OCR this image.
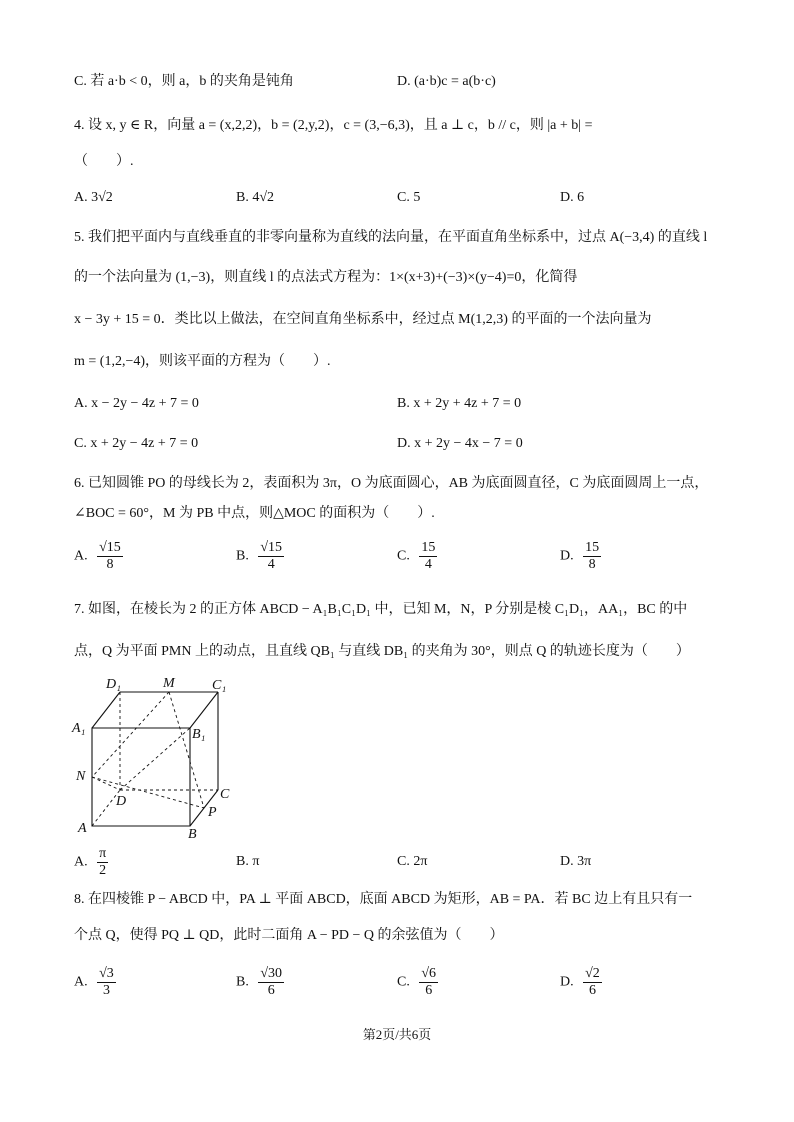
C. 若 a·b < 0，则 a，b 的夹角是钝角	D. (a·b)c = a(b·c)
4. 设 x, y ∈ R，向量 a = (x,2,2)，b = (2,y,2)，c = (3,−6,3)，且 a ⊥ c，b // c，则 |a + b| =
（　　）.
A. 3√2	B. 4√2	C. 5	D. 6
5. 我们把平面内与直线垂直的非零向量称为直线的法向量，在平面直角坐标系中，过点 A(−3,4) 的直线 l
的一个法向量为 (1,−3)，则直线 l 的点法式方程为：1×(x+3)+(−3)×(y−4)=0，化简得
x − 3y + 15 = 0．类比以上做法，在空间直角坐标系中，经过点 M(1,2,3) 的平面的一个法向量为
m = (1,2,−4)，则该平面的方程为（　　）.
A. x − 2y − 4z + 7 = 0	B. x + 2y + 4z + 7 = 0
C. x + 2y − 4z + 7 = 0	D. x + 2y − 4x − 7 = 0
6. 已知圆锥 PO 的母线长为 2，表面积为 3π，O 为底面圆心，AB 为底面圆直径，C 为底面圆周上一点，
∠BOC = 60°，M 为 PB 中点，则△MOC 的面积为（　　）.
A. $\frac{√15}{8}$	B. $\frac{√15}{4}$	C. $\frac{15}{4}$	D. $\frac{15}{8}$
7. 如图，在棱长为 2 的正方体 ABCD − A₁B₁C₁D₁ 中，已知 M，N，P 分别是棱 C₁D₁，AA₁，BC 的中
点，Q 为平面 PMN 上的动点，且直线 QB₁ 与直线 DB₁ 的夹角为 30°，则点 Q 的轨迹长度为（　　）
D₁	M	C₁
A₁	B₁
N
D	C
P
A	B
A. $\frac{\pi}{2}$	B. π	C. 2π	D. 3π
8. 在四棱锥 P − ABCD 中，PA ⊥ 平面 ABCD，底面 ABCD 为矩形，AB = PA．若 BC 边上有且只有一
个点 Q，使得 PQ ⊥ QD，此时二面角 A − PD − Q 的余弦值为（　　）
A. $\frac{√3}{3}$	B. $\frac{√30}{6}$	C. $\frac{√6}{6}$	D. $\frac{√2}{6}$
第2页/共6页
